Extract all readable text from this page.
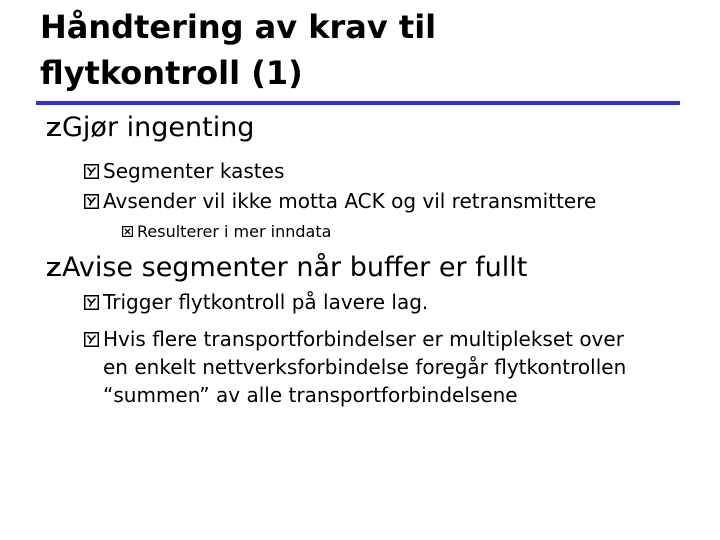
Håndtering av krav til
flytkontroll (1)
Gjør ingenting
Segmenter kastes
Avsender vil ikke motta ACK og vil retransmittere
Resulterer i mer inndata
Avise segmenter når buffer er fullt
Trigger flytkontroll på lavere lag.
Hvis flere transportforbindelser er multiplekset over
en enkelt nettverksforbindelse foregår flytkontrollen
“summen” av alle transportforbindelsene
